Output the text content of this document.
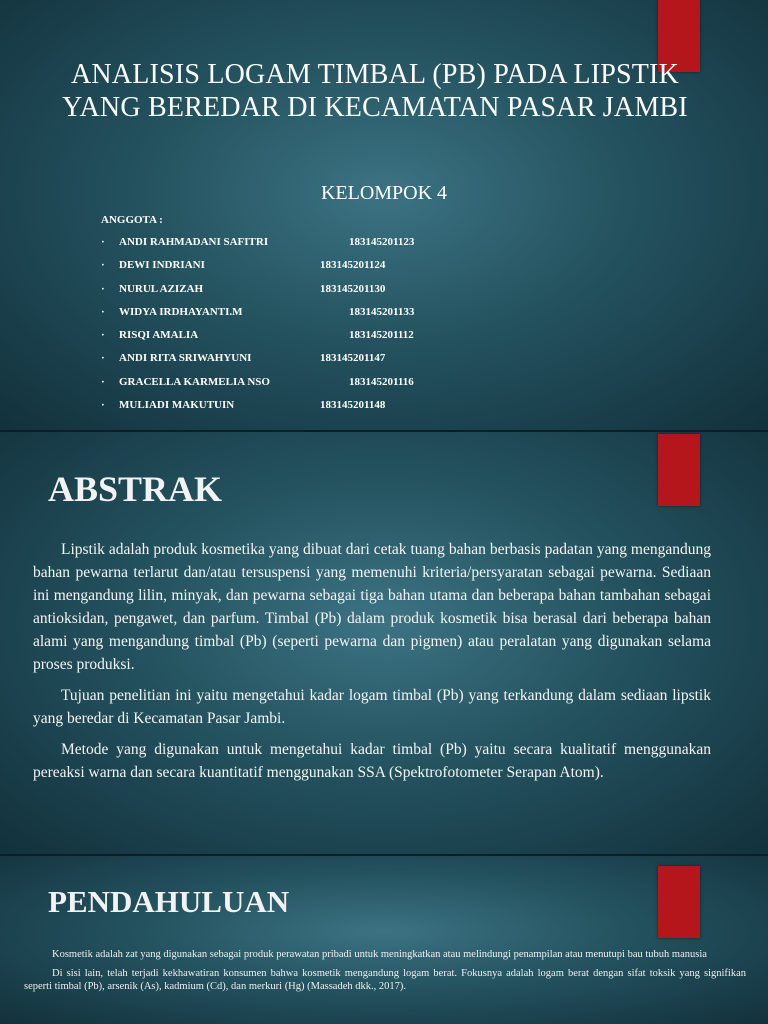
ANALISIS LOGAM TIMBAL (PB) PADA LIPSTIK YANG BEREDAR DI KECAMATAN PASAR JAMBI
KELOMPOK 4
ANGGOTA :
· ANDI RAHMADANI SAFITRI	183145201123
· DEWI INDRIANI	183145201124
· NURUL AZIZAH	183145201130
· WIDYA IRDHAYANTI.M	183145201133
· RISQI AMALIA	183145201112
· ANDI RITA SRIWAHYUNI	183145201147
· GRACELLA KARMELIA NSO	183145201116
· MULIADI MAKUTUIN	183145201148
ABSTRAK

Lipstik adalah produk kosmetika yang dibuat dari cetak tuang bahan berbasis padatan yang mengandung bahan pewarna terlarut dan/atau tersuspensi yang memenuhi kriteria/persyaratan sebagai pewarna. Sediaan ini mengandung lilin, minyak, dan pewarna sebagai tiga bahan utama dan beberapa bahan tambahan sebagai antioksidan, pengawet, dan parfum. Timbal (Pb) dalam produk kosmetik bisa berasal dari beberapa bahan alami yang mengandung timbal (Pb) (seperti pewarna dan pigmen) atau peralatan yang digunakan selama proses produksi.

Tujuan penelitian ini yaitu mengetahui kadar logam timbal (Pb) yang terkandung dalam sediaan lipstik yang beredar di Kecamatan Pasar Jambi.

Metode yang digunakan untuk mengetahui kadar timbal (Pb) yaitu secara kualitatif menggunakan pereaksi warna dan secara kuantitatif menggunakan SSA (Spektrofotometer Serapan Atom).

PENDAHULUAN

Kosmetik adalah zat yang digunakan sebagai produk perawatan pribadi untuk meningkatkan atau melindungi penampilan atau menutupi bau tubuh manusia

Di sisi lain, telah terjadi kekhawatiran konsumen bahwa kosmetik mengandung logam berat. Fokusnya adalah logam berat dengan sifat toksik yang signifikan seperti timbal (Pb), arsenik (As), kadmium (Cd), dan merkuri (Hg) (Massadeh dkk., 2017).
